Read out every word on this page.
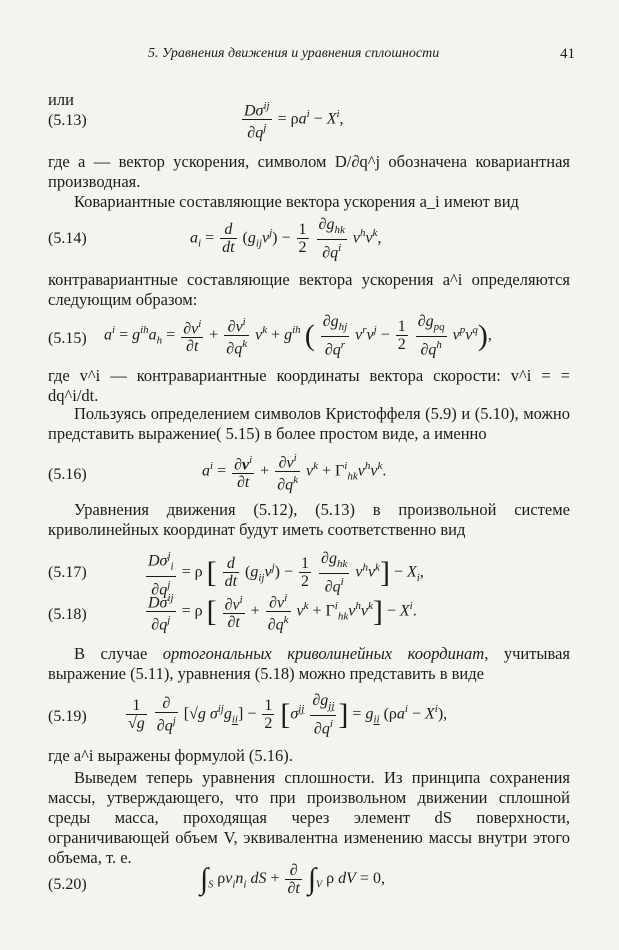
5. Уравнения движения и уравнения сплошности	41
или
(5.13)	$\frac{D\sigma^{ij}}{\partial q^j} = \rho a^i - X^i$,
где a — вектор ускорения, символом D/∂q^j обозначена ковариантная производная.
Ковариантные составляющие вектора ускорения a_i имеют вид
(5.14)	$a_i = \frac{d}{dt} (g_{ij}v^j) - \frac{1}{2}$
$\frac{\partial g_{hk}}{\partial q^i} v^hv^k$,
контравариантные составляющие вектора ускорения a^i определяются следующим образом:
(5.15) $a^i = g^{ih}a_h = \frac{\partial v^i}{\partial t} + \frac{\partial v^i}{\partial q^k} v^k + g^{ih}$ ( $\frac{\partial g_{hj}}{\partial q^r} v^rv^j - \frac{1}{2}$
$\frac{\partial g_{pq}}{\partial q^h} v^pv^q$),
где v^i — контравариантные координаты вектора скорости: v^i = = dq^i/dt.
Пользуясь определением символов Кристоффеля (5.9) и (5.10), можно представить выражение( 5.15) в более простом виде, а именно
(5.16)	$a^i = \frac{\partial v^i}{\partial t} + \frac{\partial v^i}{\partial q^k} v^k + \Gamma^i_{hk}v^hv^k$.
Уравнения движения (5.12), (5.13) в произвольной системе криволинейных координат будут иметь соответственно вид
(5.17)	$\frac{D\sigma^j_i}{\partial q^j} = \rho$ [ $\frac{d}{dt} (g_{ij}v^j) - \frac{1}{2}$
$\frac{\partial g_{hk}}{\partial q^i} v^hv^k] - X_i$,
(5.18)	$\frac{D\sigma^{ij}}{\partial q^j} = \rho$ [ $\frac{\partial v^i}{\partial t} + \frac{\partial v^i}{\partial q^k} v^k + \Gamma^i_{hk}v^hv^k] - X^i$.
В случае ортогональных криволинейных координат, учитывая выражение (5.11), уравнения (5.18) можно представить в виде
$(5.19) \frac{1}{√g}$
$\frac{\partial}{\partial q^j} [√g$ $\sigma^{ij}g_{ii}] - \frac{1}{2} [\sigma^{jj} \frac{\partial g_{jj}}{\partial q^i}$ ] = $g_{ii}$ $(\rho a^i - X^i)$,
где a^i выражены формулой (5.16).
Выведем теперь уравнения сплошности. Из принципа сохранения массы, утверждающего, что при произвольном движении сплошной среды масса, проходящая через элемент dS поверхности, ограничивающей объем V, эквивалентна изменению массы внутри этого объема, т. е.
(5.20)	$\int_S$ $\rho v_in_i$ dS + $\frac{\partial}{\partial t} \int_V$ ρ dV = 0,
